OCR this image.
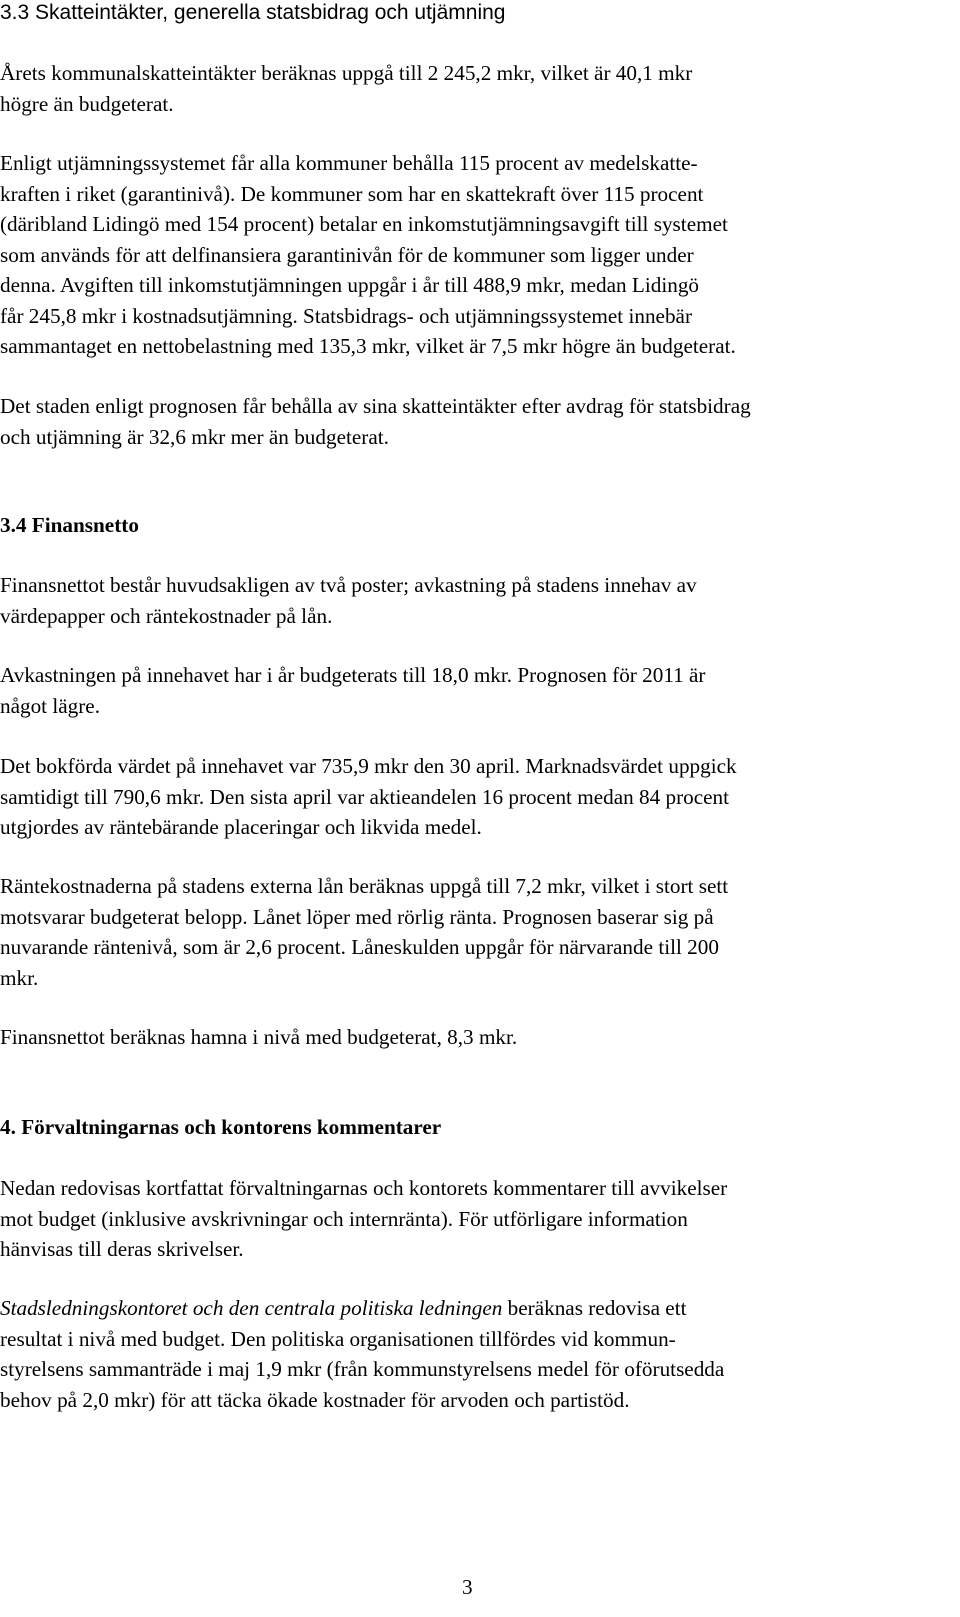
3.3 Skatteintäkter, generella statsbidrag och utjämning
Årets kommunalskatteintäkter beräknas uppgå till 2 245,2 mkr, vilket är 40,1 mkr
högre än budgeterat.
Enligt utjämningssystemet får alla kommuner behålla 115 procent av medelskatte-
kraften i riket (garantinivå). De kommuner som har en skattekraft över 115 procent
(däribland Lidingö med 154 procent) betalar en inkomstutjämningsavgift till systemet
som används för att delfinansiera garantinivån för de kommuner som ligger under
denna. Avgiften till inkomstutjämningen uppgår i år till 488,9 mkr, medan Lidingö
får 245,8 mkr i kostnadsutjämning. Statsbidrags- och utjämningssystemet innebär
sammantaget en nettobelastning med 135,3 mkr, vilket är 7,5 mkr högre än budgeterat.
Det staden enligt prognosen får behålla av sina skatteintäkter efter avdrag för statsbidrag
och utjämning är 32,6 mkr mer än budgeterat.
3.4 Finansnetto
Finansnettot består huvudsakligen av två poster; avkastning på stadens innehav av
värdepapper och räntekostnader på lån.
Avkastningen på innehavet har i år budgeterats till 18,0 mkr. Prognosen för 2011 är
något lägre.
Det bokförda värdet på innehavet var 735,9 mkr den 30 april. Marknadsvärdet uppgick
samtidigt till 790,6 mkr. Den sista april var aktieandelen 16 procent medan 84 procent
utgjordes av räntebärande placeringar och likvida medel.
Räntekostnaderna på stadens externa lån beräknas uppgå till 7,2 mkr, vilket i stort sett
motsvarar budgeterat belopp. Lånet löper med rörlig ränta. Prognosen baserar sig på
nuvarande räntenivå, som är 2,6 procent. Låneskulden uppgår för närvarande till 200
mkr.
Finansnettot beräknas hamna i nivå med budgeterat, 8,3 mkr.
4. Förvaltningarnas och kontorens kommentarer
Nedan redovisas kortfattat förvaltningarnas och kontorets kommentarer till avvikelser
mot budget (inklusive avskrivningar och internränta). För utförligare information
hänvisas till deras skrivelser.
Stadsledningskontoret och den centrala politiska ledningen beräknas redovisa ett
resultat i nivå med budget. Den politiska organisationen tillfördes vid kommun-
styrelsens sammanträde i maj 1,9 mkr (från kommunstyrelsens medel för oförutsedda
behov på 2,0 mkr) för att täcka ökade kostnader för arvoden och partistöd.
3
